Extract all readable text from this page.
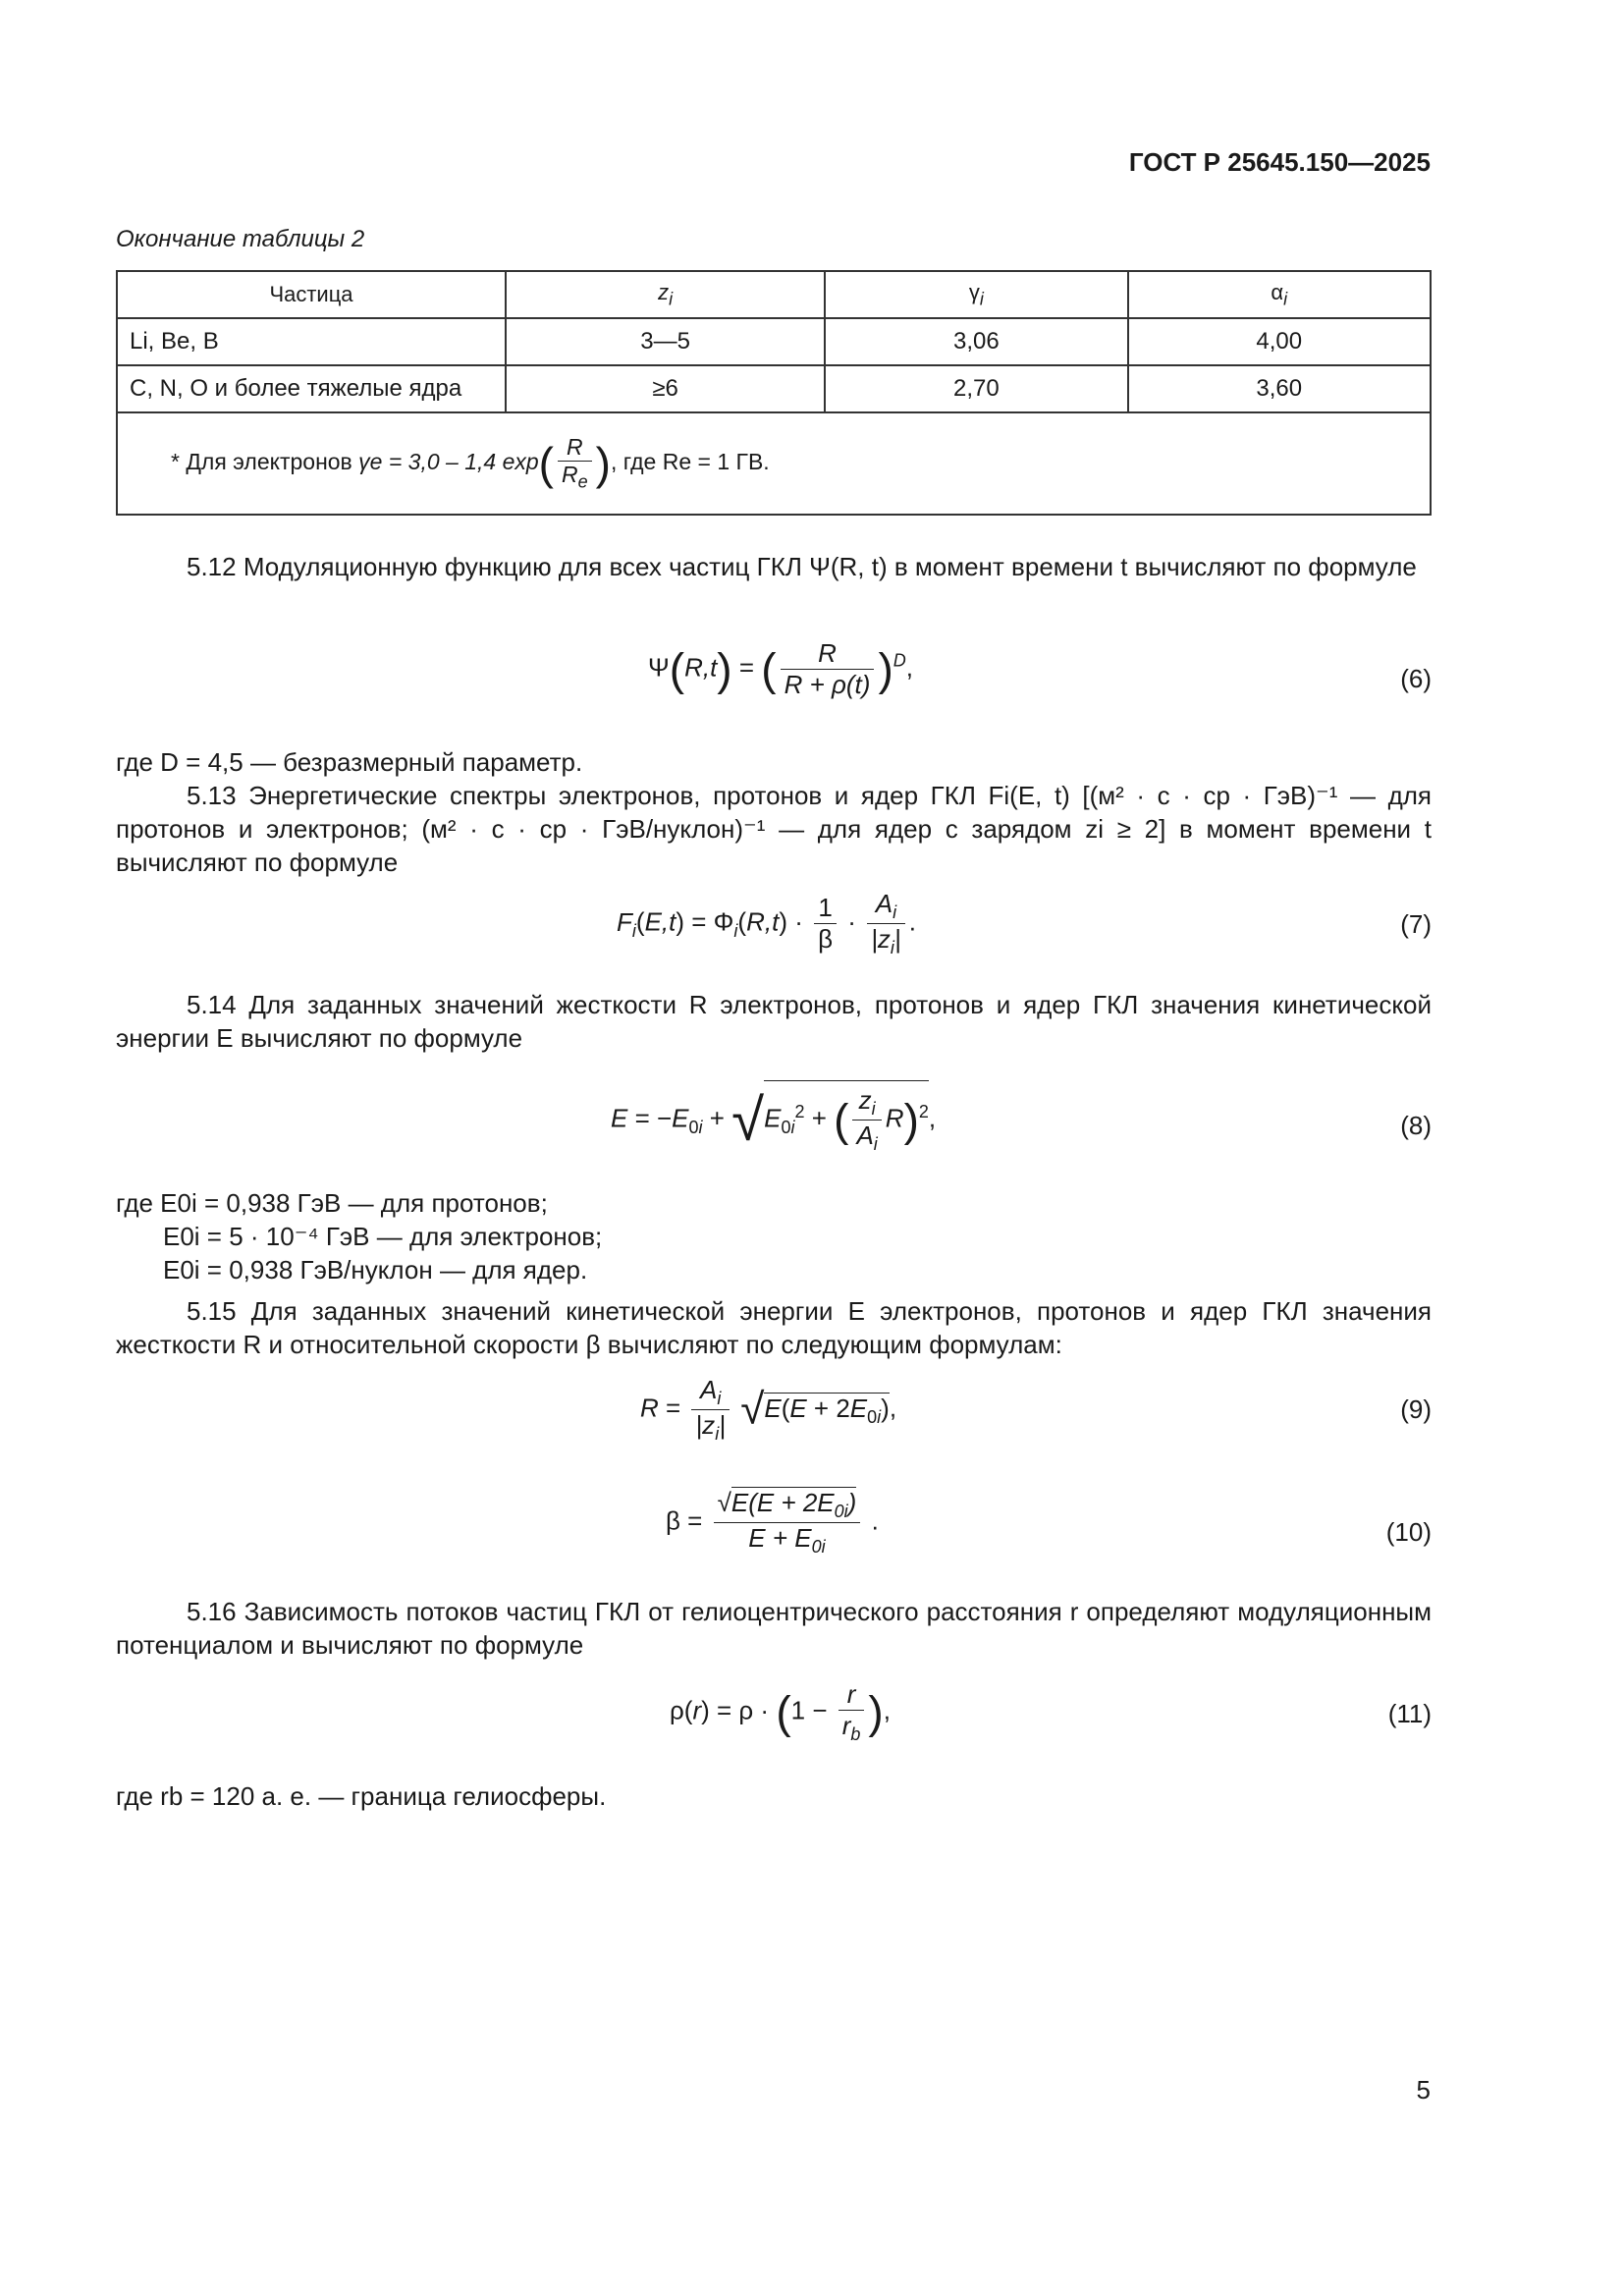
ГОСТ Р 25645.150—2025
Окончание таблицы 2
Частица	$z_i$	$\gamma_i$	$\alpha_i$
Li, Be, B	3—5	3,06	4,00
C, N, O и более тяжелые ядра	≥6	2,70	3,60
* Для электронов γe = 3,0 – 1,4 $\exp( \frac{R}{R_e}$ ), где Re = 1 ГВ.			
5.12 Модуляционную функцию для всех частиц ГКЛ Ψ(R, t) в момент времени t вычисляют по формуле
Ψ(R,t) = ( $\frac{R}{R + \rho(t)} )^D$,	(6)
где D = 4,5 — безразмерный параметр.
5.13 Энергетические спектры электронов, протонов и ядер ГКЛ Fi(E, t) [(м² · с · ср · ГэВ)⁻¹ — для протонов и электронов; (м² · с · ср · ГэВ/нуклон)⁻¹ — для ядер с зарядом zi ≥ 2] в момент времени t вычисляют по формуле
$F_i(E,t) = \Phi_i(R,t) \cdot \frac{1}{\beta} \cdot \frac{A_i}{|z_i|}$ .	(7)
5.14 Для заданных значений жесткости R электронов, протонов и ядер ГКЛ значения кинетической энергии E вычисляют по формуле
$E = -E_{0i} + √E_{0i}^2$ + ( $\frac{z_i}{A_i} R)^2$,	(8)
где E0i = 0,938 ГэВ — для протонов;
E0i = 5 · 10⁻⁴ ГэВ — для электронов;
E0i = 0,938 ГэВ/нуклон — для ядер.
5.15 Для заданных значений кинетической энергии E электронов, протонов и ядер ГКЛ значения жесткости R и относительной скорости β вычисляют по следующим формулам:
$R = \frac{A_i}{|z_i|} √E(E + 2E_{0i})$,	(9)
$\beta = \frac{√E(E + 2E_{0i})}{E + E_{0i}}$ .	(10)
5.16 Зависимость потоков частиц ГКЛ от гелиоцентрического расстояния r определяют модуляционным потенциалом и вычисляют по формуле
$\rho(r) = \rho \cdot (1 - \frac{r}{r_b}$ ),	(11)
где rb = 120 а. е. — граница гелиосферы.
5
